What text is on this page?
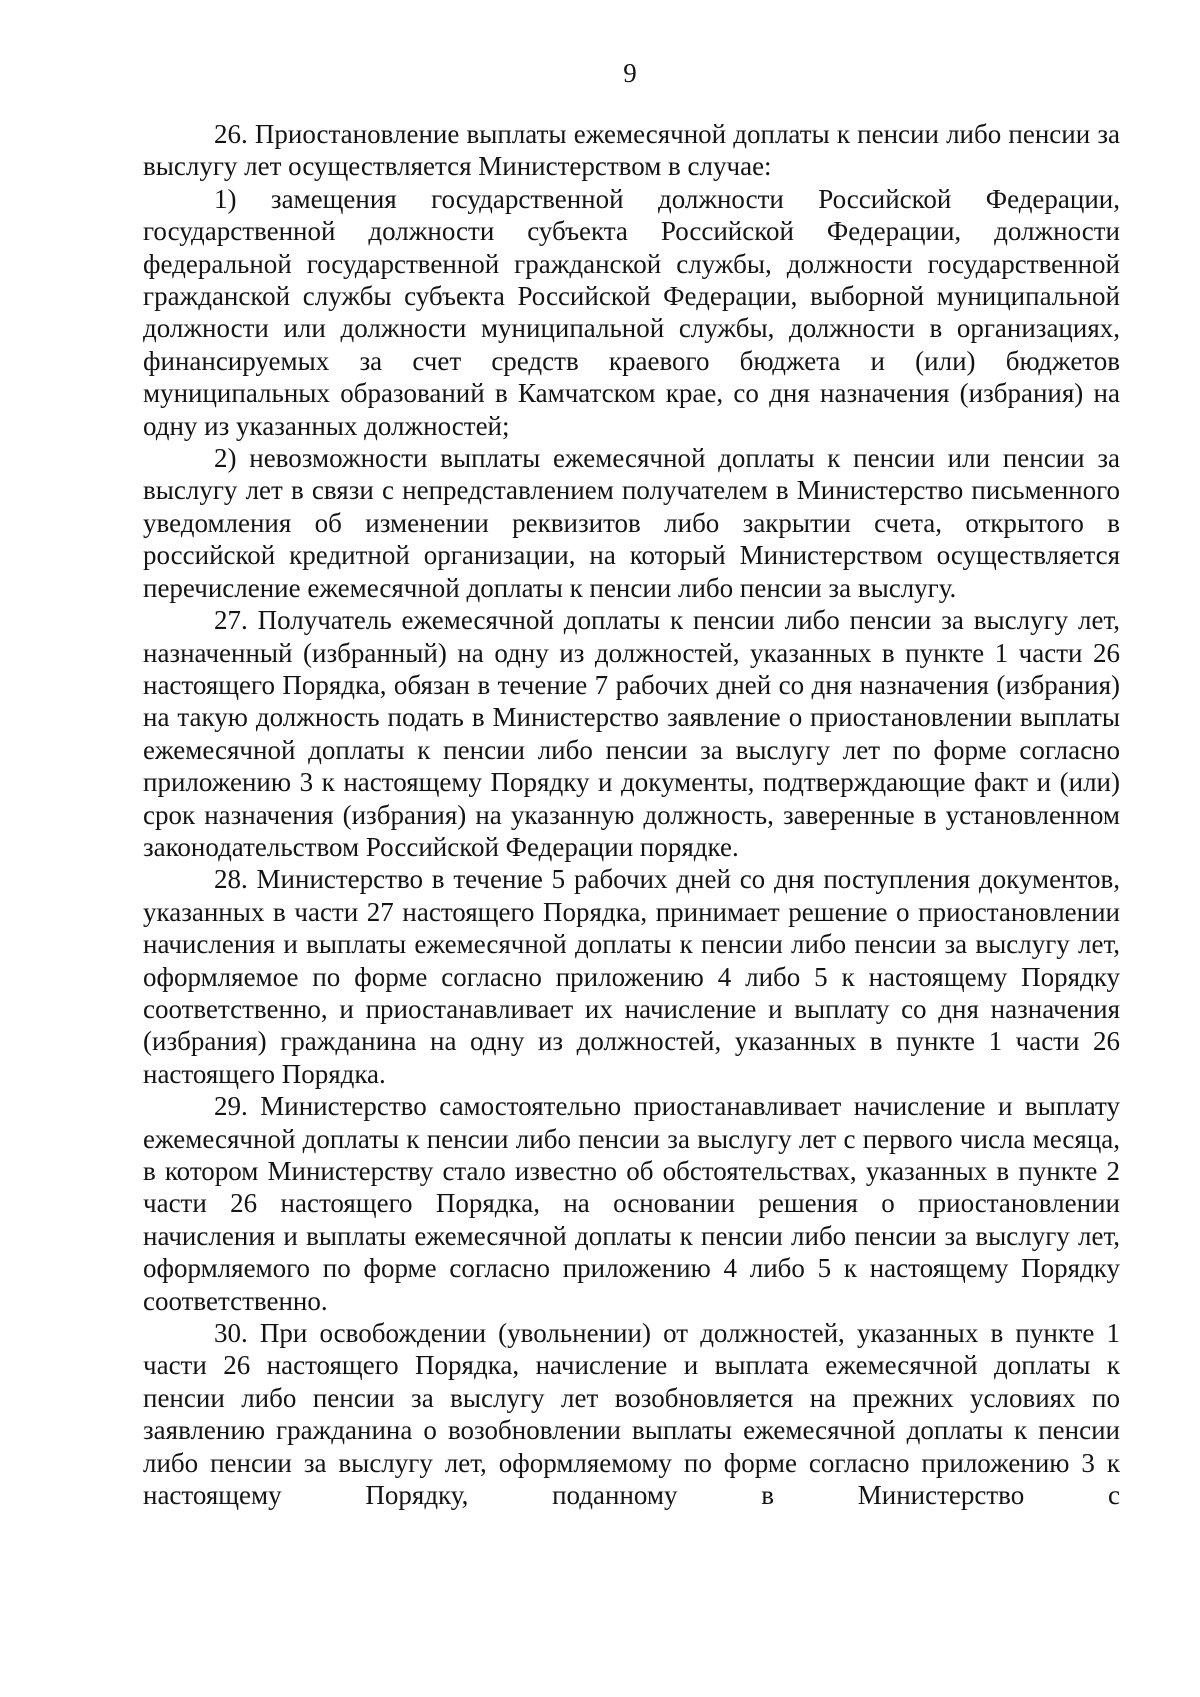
9

26. Приостановление выплаты ежемесячной доплаты к пенсии либо пенсии за выслугу лет осуществляется Министерством в случае:

1) замещения государственной должности Российской Федерации, государственной должности субъекта Российской Федерации, должности федеральной государственной гражданской службы, должности государственной гражданской службы субъекта Российской Федерации, выборной муниципальной должности или должности муниципальной службы, должности в организациях, финансируемых за счет средств краевого бюджета и (или) бюджетов муниципальных образований в Камчатском крае, со дня назначения (избрания) на одну из указанных должностей;

2) невозможности выплаты ежемесячной доплаты к пенсии или пенсии за выслугу лет в связи с непредставлением получателем в Министерство письменного уведомления об изменении реквизитов либо закрытии счета, открытого в российской кредитной организации, на который Министерством осуществляется перечисление ежемесячной доплаты к пенсии либо пенсии за выслугу.

27. Получатель ежемесячной доплаты к пенсии либо пенсии за выслугу лет, назначенный (избранный) на одну из должностей, указанных в пункте 1 части 26 настоящего Порядка, обязан в течение 7 рабочих дней со дня назначения (избрания) на такую должность подать в Министерство заявление о приостановлении выплаты ежемесячной доплаты к пенсии либо пенсии за выслугу лет по форме согласно приложению 3 к настоящему Порядку и документы, подтверждающие факт и (или) срок назначения (избрания) на указанную должность, заверенные в установленном законодательством Российской Федерации порядке.

28. Министерство в течение 5 рабочих дней со дня поступления документов, указанных в части 27 настоящего Порядка, принимает решение о приостановлении начисления и выплаты ежемесячной доплаты к пенсии либо пенсии за выслугу лет, оформляемое по форме согласно приложению 4 либо 5 к настоящему Порядку соответственно, и приостанавливает их начисление и выплату со дня назначения (избрания) гражданина на одну из должностей, указанных в пункте 1 части 26 настоящего Порядка.

29. Министерство самостоятельно приостанавливает начисление и выплату ежемесячной доплаты к пенсии либо пенсии за выслугу лет с первого числа месяца, в котором Министерству стало известно об обстоятельствах, указанных в пункте 2 части 26 настоящего Порядка, на основании решения о приостановлении начисления и выплаты ежемесячной доплаты к пенсии либо пенсии за выслугу лет, оформляемого по форме согласно приложению 4 либо 5 к настоящему Порядку соответственно.

30. При освобождении (увольнении) от должностей, указанных в пункте 1 части 26 настоящего Порядка, начисление и выплата ежемесячной доплаты к пенсии либо пенсии за выслугу лет возобновляется на прежних условиях по заявлению гражданина о возобновлении выплаты ежемесячной доплаты к пенсии либо пенсии за выслугу лет, оформляемому по форме согласно приложению 3 к настоящему Порядку, поданному в Министерство с
